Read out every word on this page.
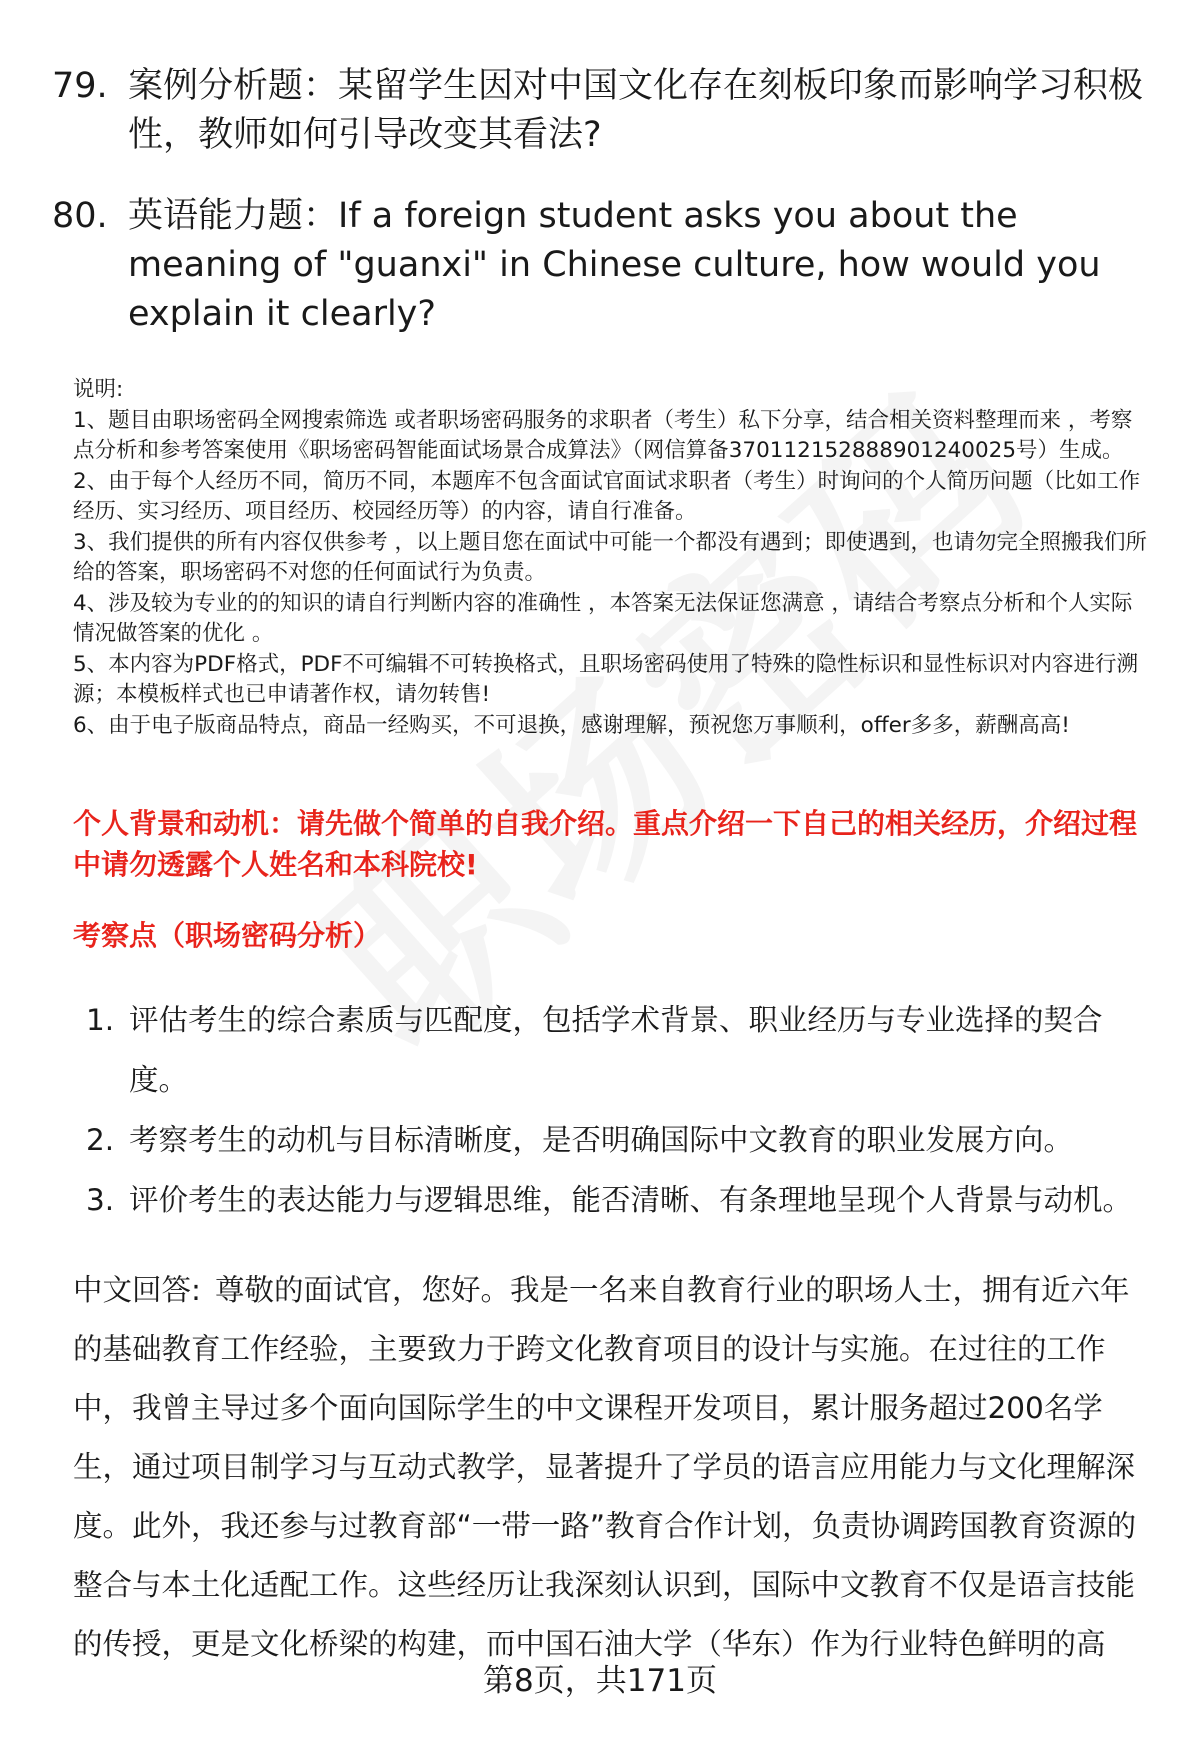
79. 案例分析题：某留学生因对中国文化存在刻板印象而影响学习积极性，教师如何引导改变其看法?
80. 英语能力题：If a foreign student asks you about the meaning of "guanxi" in Chinese culture, how would you explain it clearly?

说明:

1、题目由职场密码全网搜索筛选 或者职场密码服务的求职者（考生）私下分享，结合相关资料整理而来 ，考察点分析和参考答案使用《职场密码智能面试场景合成算法》（网信算备370112152888901240025号）生成。

2、由于每个人经历不同，简历不同，本题库不包含面试官面试求职者（考生）时询问的个人简历问题（比如工作经历、实习经历、项目经历、校园经历等）的内容，请自行准备。

3、我们提供的所有内容仅供参考 ，以上题目您在面试中可能一个都没有遇到；即使遇到，也请勿完全照搬我们所给的答案，职场密码不对您的任何面试行为负责。

4、涉及较为专业的的知识的请自行判断内容的准确性 ，本答案无法保证您满意 ，请结合考察点分析和个人实际情况做答案的优化 。

5、本内容为PDF格式，PDF不可编辑不可转换格式，且职场密码使用了特殊的隐性标识和显性标识对内容进行溯源；本模板样式也已申请著作权，请勿转售!

6、由于电子版商品特点，商品一经购买，不可退换，感谢理解，预祝您万事顺利，offer多多，薪酬高高!

个人背景和动机：请先做个简单的自我介绍。重点介绍一下自己的相关经历，介绍过程中请勿透露个人姓名和本科院校!
考察点（职场密码分析）
1. 评估考生的综合素质与匹配度，包括学术背景、职业经历与专业选择的契合度。
2. 考察考生的动机与目标清晰度，是否明确国际中文教育的职业发展方向。
3. 评价考生的表达能力与逻辑思维，能否清晰、有条理地呈现个人背景与动机。
中文回答: 尊敬的面试官，您好。我是一名来自教育行业的职场人士，拥有近六年的基础教育工作经验，主要致力于跨文化教育项目的设计与实施。在过往的工作中，我曾主导过多个面向国际学生的中文课程开发项目，累计服务超过200名学生，通过项目制学习与互动式教学，显著提升了学员的语言应用能力与文化理解深度。此外，我还参与过教育部“一带一路”教育合作计划，负责协调跨国教育资源的整合与本土化适配工作。这些经历让我深刻认识到，国际中文教育不仅是语言技能的传授，更是文化桥梁的构建，而中国石油大学（华东）作为行业特色鲜明的高
第8页，共171页
